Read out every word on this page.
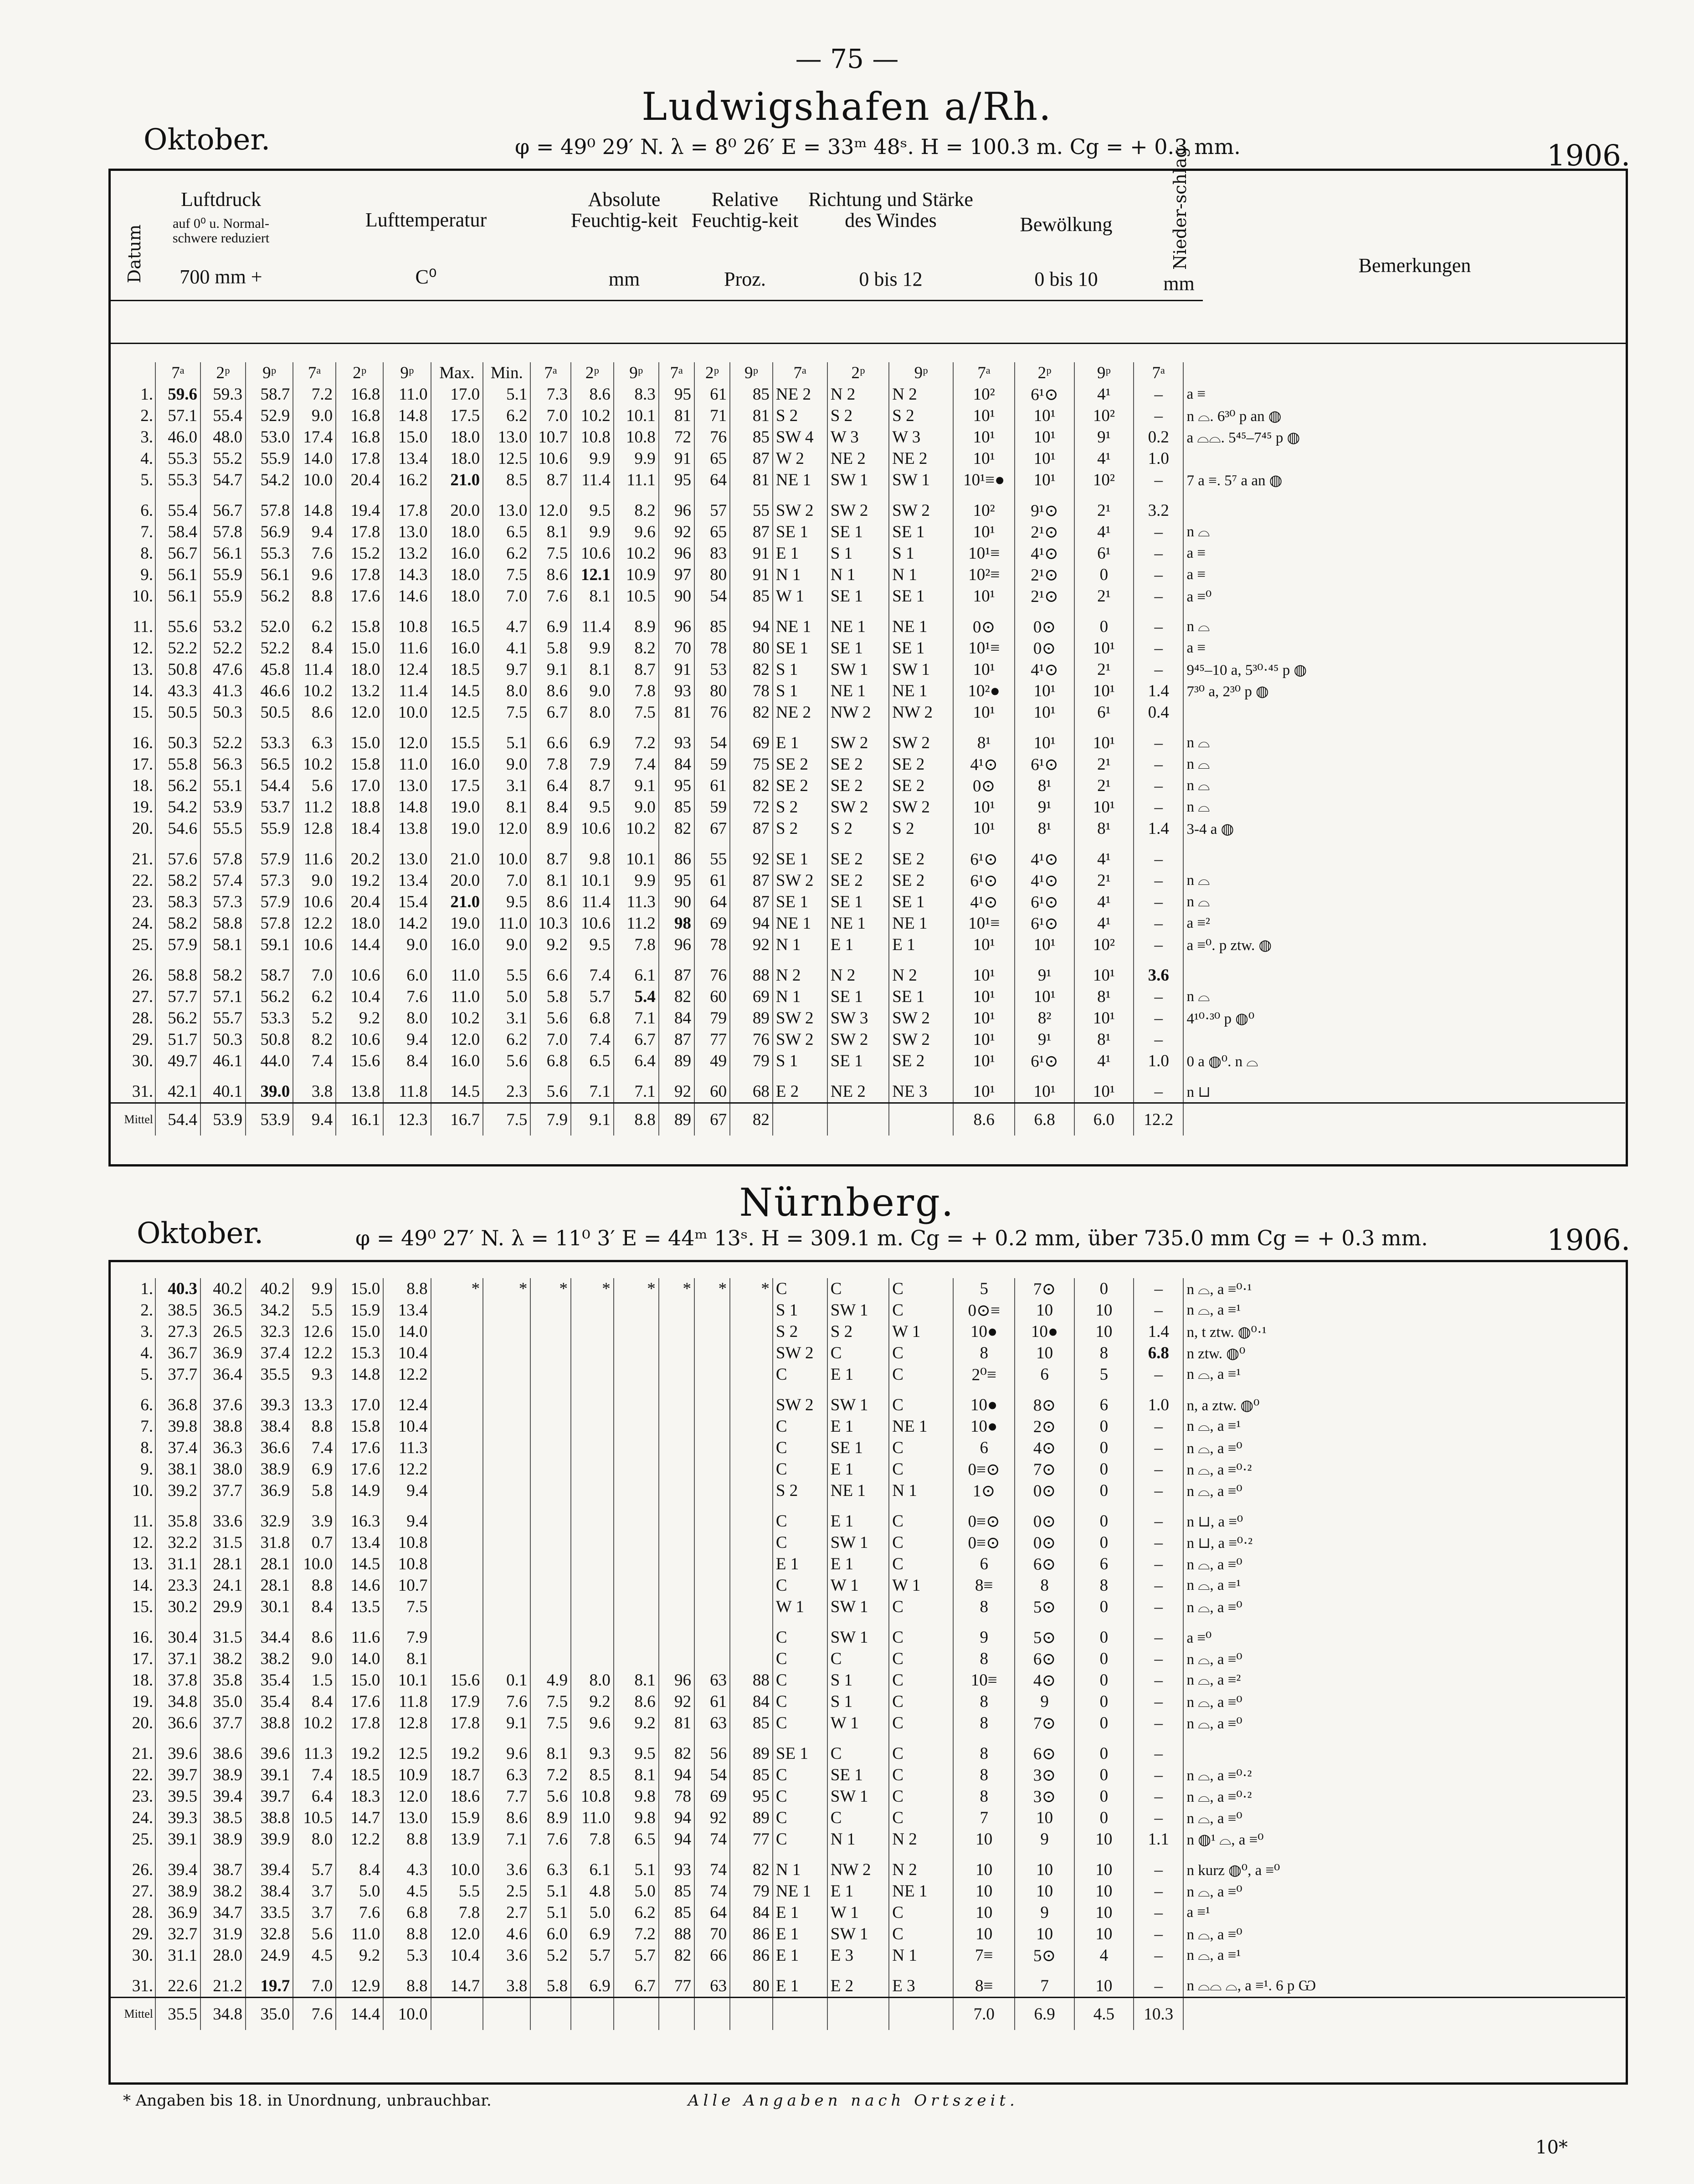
— 75 —
Ludwigshafen a/Rh.
Oktober.	φ = 49⁰ 29′ N. λ = 8⁰ 26′ E = 33ᵐ 48ˢ. H = 100.3 m. Cg = + 0.3 mm.	1906.
Datum
Luftdruck
auf 0⁰ u. Normal-schwere reduziert
700 mm +
Lufttemperatur
C⁰
Absolute Feuchtig-keit
mm
Relative Feuchtig-keit
Proz.
Richtung und Stärke des Windes
0 bis 12
Bewölkung
0 bis 10
Nieder-schlag
mm
Bemerkungen
	7ᵃ	2ᵖ	9ᵖ	7ᵃ	2ᵖ	9ᵖ	Max.	Min.	7ᵃ	2ᵖ	9ᵖ	7ᵃ	2ᵖ	9ᵖ	7ᵃ	2ᵖ	9ᵖ	7ᵃ	2ᵖ	9ᵖ	7ᵃ	
1.	59.6	59.3	58.7	7.2	16.8	11.0	17.0	5.1	7.3	8.6	8.3	95	61	85	NE 2	N 2	N 2	10²	6¹⊙	4¹	–	a ≡
2.	57.1	55.4	52.9	9.0	16.8	14.8	17.5	6.2	7.0	10.2	10.1	81	71	81	S 2	S 2	S 2	10¹	10¹	10²	–	n ⌓. 6³⁰ p an ◍
3.	46.0	48.0	53.0	17.4	16.8	15.0	18.0	13.0	10.7	10.8	10.8	72	76	85	SW 4	W 3	W 3	10¹	10¹	9¹	0.2	a ⌓⌓. 5⁴⁵–7⁴⁵ p ◍
4.	55.3	55.2	55.9	14.0	17.8	13.4	18.0	12.5	10.6	9.9	9.9	91	65	87	W 2	NE 2	NE 2	10¹	10¹	4¹	1.0	
5.	55.3	54.7	54.2	10.0	20.4	16.2	21.0	8.5	8.7	11.4	11.1	95	64	81	NE 1	SW 1	SW 1	10¹≡●	10¹	10²	–	7 a ≡. 5⁷ a an ◍
6.	55.4	56.7	57.8	14.8	19.4	17.8	20.0	13.0	12.0	9.5	8.2	96	57	55	SW 2	SW 2	SW 2	10²	9¹⊙	2¹	3.2	
7.	58.4	57.8	56.9	9.4	17.8	13.0	18.0	6.5	8.1	9.9	9.6	92	65	87	SE 1	SE 1	SE 1	10¹	2¹⊙	4¹	–	n ⌓
8.	56.7	56.1	55.3	7.6	15.2	13.2	16.0	6.2	7.5	10.6	10.2	96	83	91	E 1	S 1	S 1	10¹≡	4¹⊙	6¹	–	a ≡
9.	56.1	55.9	56.1	9.6	17.8	14.3	18.0	7.5	8.6	12.1	10.9	97	80	91	N 1	N 1	N 1	10²≡	2¹⊙	0	–	a ≡
10.	56.1	55.9	56.2	8.8	17.6	14.6	18.0	7.0	7.6	8.1	10.5	90	54	85	W 1	SE 1	SE 1	10¹	2¹⊙	2¹	–	a ≡⁰
11.	55.6	53.2	52.0	6.2	15.8	10.8	16.5	4.7	6.9	11.4	8.9	96	85	94	NE 1	NE 1	NE 1	0⊙	0⊙	0	–	n ⌓
12.	52.2	52.2	52.2	8.4	15.0	11.6	16.0	4.1	5.8	9.9	8.2	70	78	80	SE 1	SE 1	SE 1	10¹≡	0⊙	10¹	–	a ≡
13.	50.8	47.6	45.8	11.4	18.0	12.4	18.5	9.7	9.1	8.1	8.7	91	53	82	S 1	SW 1	SW 1	10¹	4¹⊙	2¹	–	9⁴⁵–10 a, 5³⁰·⁴⁵ p ◍
14.	43.3	41.3	46.6	10.2	13.2	11.4	14.5	8.0	8.6	9.0	7.8	93	80	78	S 1	NE 1	NE 1	10²●	10¹	10¹	1.4	7³⁰ a, 2³⁰ p ◍
15.	50.5	50.3	50.5	8.6	12.0	10.0	12.5	7.5	6.7	8.0	7.5	81	76	82	NE 2	NW 2	NW 2	10¹	10¹	6¹	0.4	
16.	50.3	52.2	53.3	6.3	15.0	12.0	15.5	5.1	6.6	6.9	7.2	93	54	69	E 1	SW 2	SW 2	8¹	10¹	10¹	–	n ⌓
17.	55.8	56.3	56.5	10.2	15.8	11.0	16.0	9.0	7.8	7.9	7.4	84	59	75	SE 2	SE 2	SE 2	4¹⊙	6¹⊙	2¹	–	n ⌓
18.	56.2	55.1	54.4	5.6	17.0	13.0	17.5	3.1	6.4	8.7	9.1	95	61	82	SE 2	SE 2	SE 2	0⊙	8¹	2¹	–	n ⌓
19.	54.2	53.9	53.7	11.2	18.8	14.8	19.0	8.1	8.4	9.5	9.0	85	59	72	S 2	SW 2	SW 2	10¹	9¹	10¹	–	n ⌓
20.	54.6	55.5	55.9	12.8	18.4	13.8	19.0	12.0	8.9	10.6	10.2	82	67	87	S 2	S 2	S 2	10¹	8¹	8¹	1.4	3-4 a ◍
21.	57.6	57.8	57.9	11.6	20.2	13.0	21.0	10.0	8.7	9.8	10.1	86	55	92	SE 1	SE 2	SE 2	6¹⊙	4¹⊙	4¹	–	
22.	58.2	57.4	57.3	9.0	19.2	13.4	20.0	7.0	8.1	10.1	9.9	95	61	87	SW 2	SE 2	SE 2	6¹⊙	4¹⊙	2¹	–	n ⌓
23.	58.3	57.3	57.9	10.6	20.4	15.4	21.0	9.5	8.6	11.4	11.3	90	64	87	SE 1	SE 1	SE 1	4¹⊙	6¹⊙	4¹	–	n ⌓
24.	58.2	58.8	57.8	12.2	18.0	14.2	19.0	11.0	10.3	10.6	11.2	98	69	94	NE 1	NE 1	NE 1	10¹≡	6¹⊙	4¹	–	a ≡²
25.	57.9	58.1	59.1	10.6	14.4	9.0	16.0	9.0	9.2	9.5	7.8	96	78	92	N 1	E 1	E 1	10¹	10¹	10²	–	a ≡⁰. p ztw. ◍
26.	58.8	58.2	58.7	7.0	10.6	6.0	11.0	5.5	6.6	7.4	6.1	87	76	88	N 2	N 2	N 2	10¹	9¹	10¹	3.6	
27.	57.7	57.1	56.2	6.2	10.4	7.6	11.0	5.0	5.8	5.7	5.4	82	60	69	N 1	SE 1	SE 1	10¹	10¹	8¹	–	n ⌓
28.	56.2	55.7	53.3	5.2	9.2	8.0	10.2	3.1	5.6	6.8	7.1	84	79	89	SW 2	SW 3	SW 2	10¹	8²	10¹	–	4¹⁰·³⁰ p ◍⁰
29.	51.7	50.3	50.8	8.2	10.6	9.4	12.0	6.2	7.0	7.4	6.7	87	77	76	SW 2	SW 2	SW 2	10¹	9¹	8¹	–	
30.	49.7	46.1	44.0	7.4	15.6	8.4	16.0	5.6	6.8	6.5	6.4	89	49	79	S 1	SE 1	SE 2	10¹	6¹⊙	4¹	1.0	0 a ◍⁰. n ⌓
31.	42.1	40.1	39.0	3.8	13.8	11.8	14.5	2.3	5.6	7.1	7.1	92	60	68	E 2	NE 2	NE 3	10¹	10¹	10¹	–	n ⊔
Mittel	54.4	53.9	53.9	9.4	16.1	12.3	16.7	7.5	7.9	9.1	8.8	89	67	82				8.6	6.8	6.0	12.2	
Nürnberg.
Oktober.	φ = 49⁰ 27′ N. λ = 11⁰ 3′ E = 44ᵐ 13ˢ. H = 309.1 m. Cg = + 0.2 mm, über 735.0 mm Cg = + 0.3 mm.	1906.
1.	40.3	40.2	40.2	9.9	15.0	8.8	*	*	*	*	*	*	*	*	C	C	C	5	7⊙	0	–	n ⌓, a ≡⁰·¹
2.	38.5	36.5	34.2	5.5	15.9	13.4									S 1	SW 1	C	0⊙≡	10	10	–	n ⌓, a ≡¹
3.	27.3	26.5	32.3	12.6	15.0	14.0									S 2	S 2	W 1	10●	10●	10	1.4	n, t ztw. ◍⁰·¹
4.	36.7	36.9	37.4	12.2	15.3	10.4									SW 2	C	C	8	10	8	6.8	n ztw. ◍⁰
5.	37.7	36.4	35.5	9.3	14.8	12.2									C	E 1	C	2⁰≡	6	5	–	n ⌓, a ≡¹
6.	36.8	37.6	39.3	13.3	17.0	12.4									SW 2	SW 1	C	10●	8⊙	6	1.0	n, a ztw. ◍⁰
7.	39.8	38.8	38.4	8.8	15.8	10.4									C	E 1	NE 1	10●	2⊙	0	–	n ⌓, a ≡¹
8.	37.4	36.3	36.6	7.4	17.6	11.3									C	SE 1	C	6	4⊙	0	–	n ⌓, a ≡⁰
9.	38.1	38.0	38.9	6.9	17.6	12.2									C	E 1	C	0≡⊙	7⊙	0	–	n ⌓, a ≡⁰·²
10.	39.2	37.7	36.9	5.8	14.9	9.4									S 2	NE 1	N 1	1⊙	0⊙	0	–	n ⌓, a ≡⁰
11.	35.8	33.6	32.9	3.9	16.3	9.4									C	E 1	C	0≡⊙	0⊙	0	–	n ⊔, a ≡⁰
12.	32.2	31.5	31.8	0.7	13.4	10.8									C	SW 1	C	0≡⊙	0⊙	0	–	n ⊔, a ≡⁰·²
13.	31.1	28.1	28.1	10.0	14.5	10.8									E 1	E 1	C	6	6⊙	6	–	n ⌓, a ≡⁰
14.	23.3	24.1	28.1	8.8	14.6	10.7									C	W 1	W 1	8≡	8	8	–	n ⌓, a ≡¹
15.	30.2	29.9	30.1	8.4	13.5	7.5									W 1	SW 1	C	8	5⊙	0	–	n ⌓, a ≡⁰
16.	30.4	31.5	34.4	8.6	11.6	7.9									C	SW 1	C	9	5⊙	0	–	a ≡⁰
17.	37.1	38.2	38.2	9.0	14.0	8.1									C	C	C	8	6⊙	0	–	n ⌓, a ≡⁰
18.	37.8	35.8	35.4	1.5	15.0	10.1	15.6	0.1	4.9	8.0	8.1	96	63	88	C	S 1	C	10≡	4⊙	0	–	n ⌓, a ≡²
19.	34.8	35.0	35.4	8.4	17.6	11.8	17.9	7.6	7.5	9.2	8.6	92	61	84	C	S 1	C	8	9	0	–	n ⌓, a ≡⁰
20.	36.6	37.7	38.8	10.2	17.8	12.8	17.8	9.1	7.5	9.6	9.2	81	63	85	C	W 1	C	8	7⊙	0	–	n ⌓, a ≡⁰
21.	39.6	38.6	39.6	11.3	19.2	12.5	19.2	9.6	8.1	9.3	9.5	82	56	89	SE 1	C	C	8	6⊙	0	–	
22.	39.7	38.9	39.1	7.4	18.5	10.9	18.7	6.3	7.2	8.5	8.1	94	54	85	C	SE 1	C	8	3⊙	0	–	n ⌓, a ≡⁰·²
23.	39.5	39.4	39.7	6.4	18.3	12.0	18.6	7.7	5.6	10.8	9.8	78	69	95	C	SW 1	C	8	3⊙	0	–	n ⌓, a ≡⁰·²
24.	39.3	38.5	38.8	10.5	14.7	13.0	15.9	8.6	8.9	11.0	9.8	94	92	89	C	C	C	7	10	0	–	n ⌓, a ≡⁰
25.	39.1	38.9	39.9	8.0	12.2	8.8	13.9	7.1	7.6	7.8	6.5	94	74	77	C	N 1	N 2	10	9	10	1.1	n ◍¹ ⌓, a ≡⁰
26.	39.4	38.7	39.4	5.7	8.4	4.3	10.0	3.6	6.3	6.1	5.1	93	74	82	N 1	NW 2	N 2	10	10	10	–	n kurz ◍⁰, a ≡⁰
27.	38.9	38.2	38.4	3.7	5.0	4.5	5.5	2.5	5.1	4.8	5.0	85	74	79	NE 1	E 1	NE 1	10	10	10	–	n ⌓, a ≡⁰
28.	36.9	34.7	33.5	3.7	7.6	6.8	7.8	2.7	5.1	5.0	6.2	85	64	84	E 1	W 1	C	10	9	10	–	a ≡¹
29.	32.7	31.9	32.8	5.6	11.0	8.8	12.0	4.6	6.0	6.9	7.2	88	70	86	E 1	SW 1	C	10	10	10	–	n ⌓, a ≡⁰
30.	31.1	28.0	24.9	4.5	9.2	5.3	10.4	3.6	5.2	5.7	5.7	82	66	86	E 1	E 3	N 1	7≡	5⊙	4	–	n ⌓, a ≡¹
31.	22.6	21.2	19.7	7.0	12.9	8.8	14.7	3.8	5.8	6.9	6.7	77	63	80	E 1	E 2	E 3	8≡	7	10	–	n ⌓⌓ ⌓, a ≡¹. 6 p Ѡ
Mittel	35.5	34.8	35.0	7.6	14.4	10.0												7.0	6.9	4.5	10.3	
* Angaben bis 18. in Unordnung, unbrauchbar.	Alle Angaben nach Ortszeit.
10*
